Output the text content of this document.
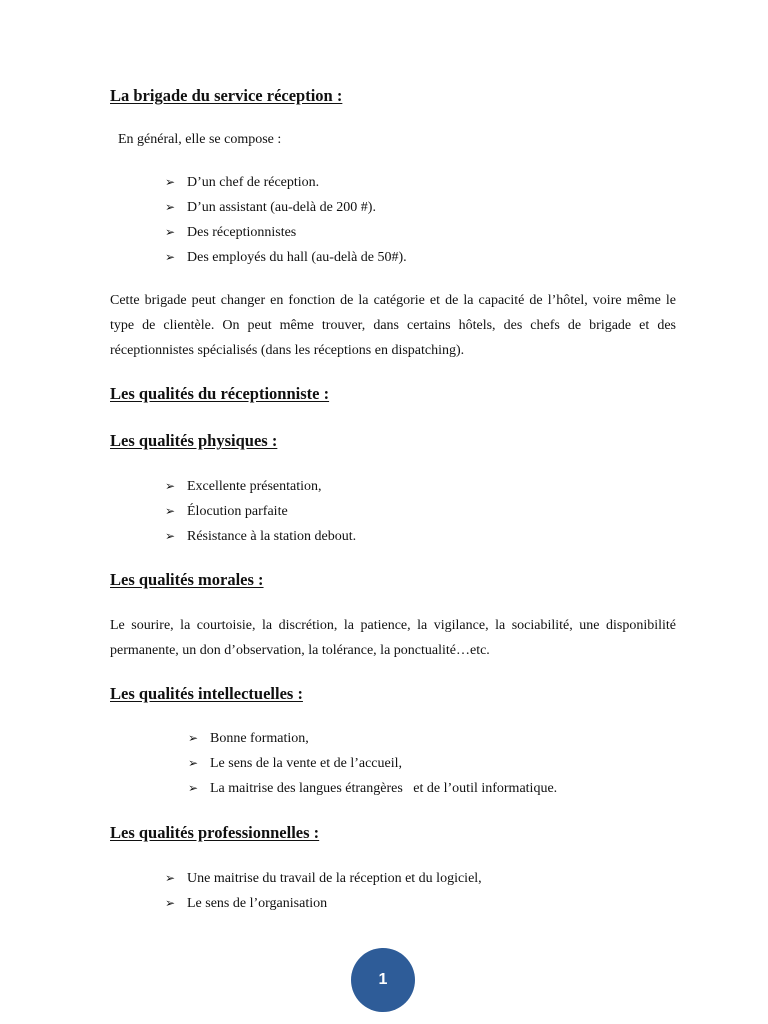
La brigade du service réception :

En général, elle se compose :

➢ D’un chef de réception.
➢ D’un assistant (au-delà de 200 #).
➢ Des réceptionnistes
➢ Des employés du hall (au-delà de 50#).

Cette brigade peut changer en fonction de la catégorie et de la capacité de l’hôtel, voire même le type de clientèle. On peut même trouver, dans certains hôtels, des chefs de brigade et des réceptionnistes spécialisés (dans les réceptions en dispatching).

Les qualités du réceptionniste :
Les qualités physiques :
➢ Excellente présentation,
➢ Élocution parfaite
➢ Résistance à la station debout.
Les qualités morales :

Le sourire, la courtoisie, la discrétion, la patience, la vigilance, la sociabilité, une disponibilité permanente, un don d’observation, la tolérance, la ponctualité…etc.

Les qualités intellectuelles :
➢ Bonne formation,
➢ Le sens de la vente et de l’accueil,
➢ La maitrise des langues étrangères   et de l’outil informatique.
Les qualités professionnelles :
➢ Une maitrise du travail de la réception et du logiciel,
➢ Le sens de l’organisation
1
